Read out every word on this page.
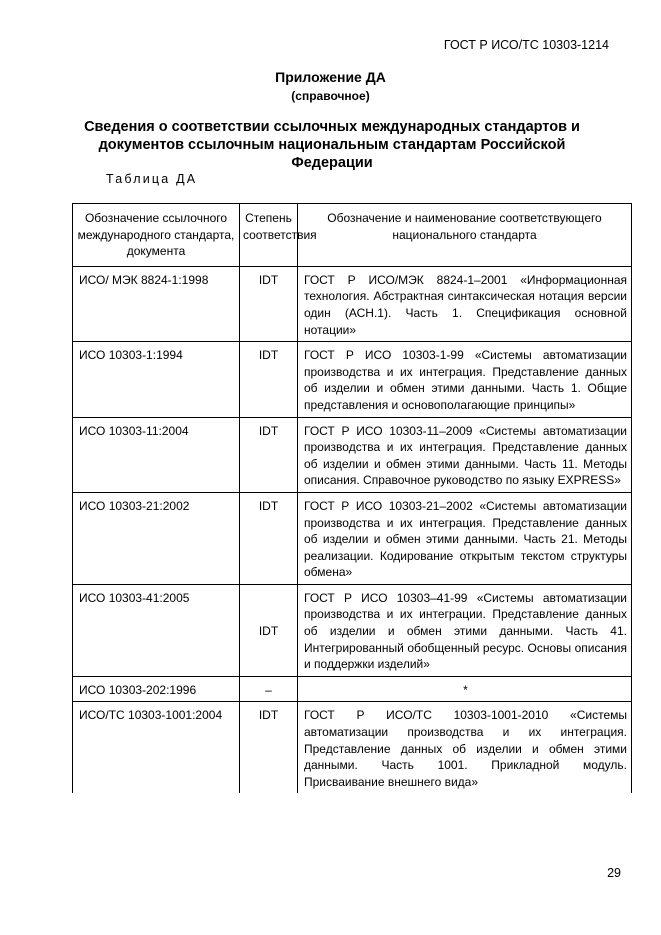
ГОСТ Р ИСО/ТС 10303-1214
Приложение ДА
(справочное)
Сведения о соответствии ссылочных международных стандартов и документов ссылочным национальным стандартам Российской Федерации
Таблица ДА
Обозначение ссылочного международного стандарта, документа	Степень соответствия	Обозначение и наименование соответствующего национального стандарта
ИСО/ МЭК 8824-1:1998	IDT	ГОСТ Р ИСО/МЭК 8824-1–2001 «Информационная технология. Абстрактная синтаксическая нотация версии один (АСН.1). Часть 1. Спецификация основной нотации»
ИСО 10303-1:1994	IDT	ГОСТ Р ИСО 10303-1-99 «Системы автоматизации производства и их интеграция. Представление данных об изделии и обмен этими данными. Часть 1. Общие представления и основополагающие принципы»
ИСО 10303-11:2004	IDT	ГОСТ Р ИСО 10303-11–2009 «Системы автоматизации производства и их интеграция. Представление данных об изделии и обмен этими данными. Часть 11. Методы описания. Справочное руководство по языку EXPRESS»
ИСО 10303-21:2002	IDT	ГОСТ Р ИСО 10303-21–2002 «Системы автоматизации производства и их интеграция. Представление данных об изделии и обмен этими данными. Часть 21. Методы реализации. Кодирование открытым текстом структуры обмена»
ИСО 10303-41:2005	IDT	ГОСТ Р ИСО 10303–41-99 «Системы автоматизации производства и их интеграции. Представление данных об изделии и обмен этими данными. Часть 41. Интегрированный обобщенный ресурс. Основы описания и поддержки изделий»
ИСО 10303-202:1996	–	*
ИСО/ТС 10303-1001:2004	IDT	ГОСТ Р ИСО/ТС 10303-1001-2010 «Системы автоматизации производства и их интеграция. Представление данных об изделии и обмен этими данными. Часть 1001. Прикладной модуль. Присваивание внешнего вида»
29
